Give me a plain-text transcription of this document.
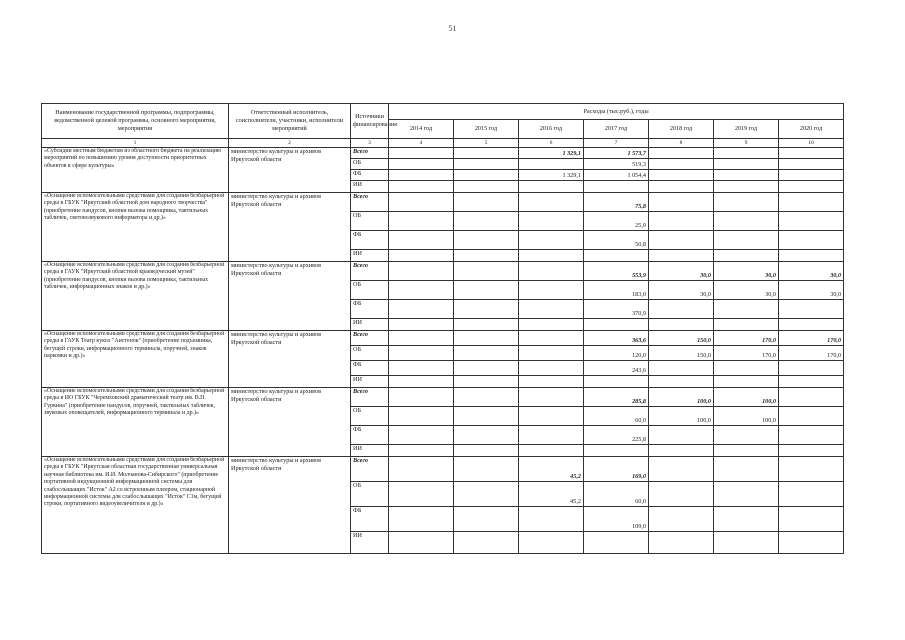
51
Наименование государственной программы, подпрограммы, ведомственной целевой программы, основного мероприятия, мероприятия	Ответственный исполнитель, соисполнители, участники, исполнители мероприятий	Источники финансирования	Расходы (тыс.руб.), годы						
			2014 год	2015 год	2016 год	2017 год	2018 год	2019 год	2020 год
1	2	3	4	5	6	7	8	9	10
«Субсидии местным бюджетам из областного бюджета на реализацию мероприятий по повышению уровня доступности приоритетных объектов в сфере культуры»	министерство культуры и архивов Иркутской области	Всего			1 329,1	1 573,7			
		ОБ				519,3			
		ФБ			1 329,1	1 054,4			
		ИИ							
«Оснащение вспомогательными средствами для создания безбарьерной среды в ГБУК "Иркутский областной дом народного творчества" (приобретение пандусов, кнопки вызова помощника, тактильных табличек, световозвукового информатора и др.)»	министерство культуры и архивов Иркутской области	Всего				75,8			
		ОБ				25,0			
		ФБ				50,8			
		ИИ							
«Оснащение вспомогательными средствами для создания безбарьерной среды в ГАУК "Иркутский областной краеведческий музей" (приобретение пандусов, кнопки вызова помощника, тактильных табличек, информационных знаков и др.)»	министерство культуры и архивов Иркутской области	Всего				553,9	30,0	30,0	30,0
		ОБ				183,0	30,0	30,0	30,0
		ФБ				370,9			
		ИИ							
«Оснащение вспомогательными средствами для создания безбарьерной среды в ГАУК Театр кукол "Аистенок" (приобретение подъемника, бегущей строки, информационного терминала, поручней, знаков парковки и др.)»	министерство культуры и архивов Иркутской области	Всего				363,6	150,0	170,0	170,0
		ОБ				120,0	150,0	170,0	170,0
		ФБ				243,6			
		ИИ							
«Оснащение вспомогательными средствами для создания безбарьерной среды в ИО ГБУК "Черемховский драматический театр им. В.П. Гуркина" (приобретение пандусов, поручней, тактильных табличек, звуковых оповещателей, информационного терминала и др.)»	министерство культуры и архивов Иркутской области	Всего				285,8	100,0	100,0	
		ОБ				60,0	100,0	100,0	
		ФБ				225,8			
		ИИ							
«Оснащение вспомогательными средствами для создания безбарьерной среды в ГБУК "Иркутская областная государственная универсальная научная библиотека им. И.И. Молчанова-Сибирского" (приобретение портативной индукционной информационной системы для слабослышащих "Исток" А2 со встроенным плеером, стационарной информационной системы для слабослышащих "Исток" С1м, бегущей строки, портативного видеоувеличителя и др.)»	министерство культуры и архивов Иркутской области	Всего			45,2	169,0			
		ОБ			45,2	60,0			
		ФБ				109,0			
		ИИ							
